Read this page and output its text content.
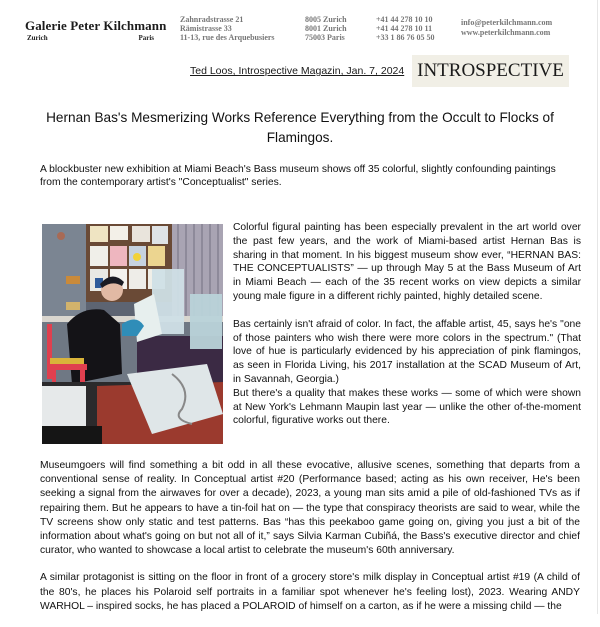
Galerie Peter Kilchmann
Zurich	Paris
Zahnradstrasse 21
Rämistrasse 33
11-13, rue des Arquebusiers
8005 Zurich
8001 Zurich
75003 Paris
+41 44 278 10 10
+41 44 278 10 11
+33 1 86 76 05 50
info@peterkilchmann.com
www.peterkilchmann.com
Ted Loos, Introspective Magazin, Jan. 7, 2024 INTROSPECTIVE
Hernan Bas's Mesmerizing Works Reference Everything from the Occult to Flocks of Flamingos.
A blockbuster new exhibition at Miami Beach's Bass museum shows off 35 colorful, slightly confounding paintings from the contemporary artist's "Conceptualist" series.

Colorful figural painting has been especially prevalent in the art world over the past few years, and the work of Miami-based artist Hernan Bas is sharing in that moment. In his biggest museum show ever, “HERNAN BAS: THE CONCEPTUALISTS” — up through May 5 at the Bass Museum of Art in Miami Beach — each of the 35 recent works on view depicts a similar young male figure in a different richly painted, highly detailed scene.

Bas certainly isn't afraid of color. In fact, the affable artist, 45, says he's "one of those painters who wish there were more colors in the spectrum." (That love of hue is particularly evidenced by his appreciation of pink flamingos, as seen in Florida Living, his 2017 installation at the SCAD Museum of Art, in Savannah, Georgia.)

But there's a quality that makes these works — some of which were shown at New York's Lehmann Maupin last year — unlike the other of-the-moment colorful, figurative works out there.

Museumgoers will find something a bit odd in all these evocative, allusive scenes, something that departs from a conventional sense of reality. In Conceptual artist #20 (Performance based; acting as his own receiver, He's been seeking a signal from the airwaves for over a decade), 2023, a young man sits amid a pile of old-fashioned TVs as if repairing them. But he appears to have a tin-foil hat on — the type that conspiracy theorists are said to wear, while the TV screens show only static and test patterns. Bas “has this peekaboo game going on, giving you just a bit of the information about what's going on but not all of it,” says Silvia Karman Cubiñá, the Bass's executive director and chief curator, who wanted to showcase a local artist to celebrate the museum's 60th anniversary.

A similar protagonist is sitting on the floor in front of a grocery store's milk display in Conceptual artist #19 (A child of the 80's, he places his Polaroid self portraits in a familiar spot whenever he's feeling lost), 2023. Wearing ANDY WARHOL – inspired socks, he has placed a POLAROID of himself on a carton, as if he were a missing child — the
